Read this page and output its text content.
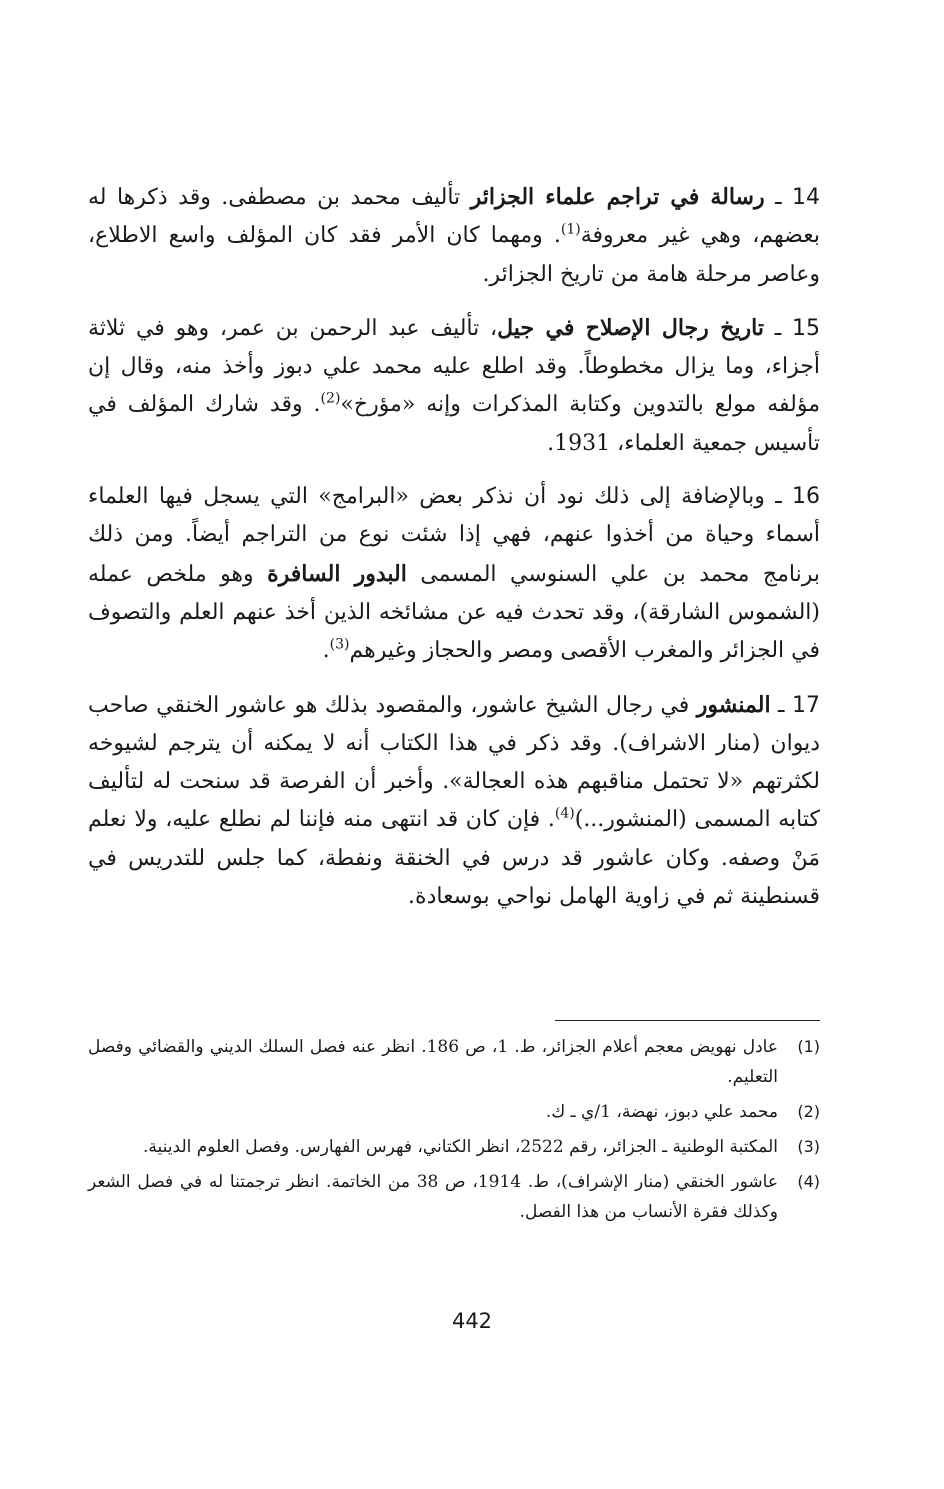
14 ـ رسالة في تراجم علماء الجزائر تأليف محمد بن مصطفى. وقد ذكرها له بعضهم، وهي غير معروفة$^{(1)}$. ومهما كان الأمر فقد كان المؤلف واسع الاطلاع، وعاصر مرحلة هامة من تاريخ الجزائر.

15 ـ تاريخ رجال الإصلاح في جيل، تأليف عبد الرحمن بن عمر، وهو في ثلاثة أجزاء، وما يزال مخطوطاً. وقد اطلع عليه محمد علي دبوز وأخذ منه، وقال إن مؤلفه مولع بالتدوين وكتابة المذكرات وإنه «مؤرخ»$^{(2)}$. وقد شارك المؤلف في تأسيس جمعية العلماء، 1931.

16 ـ وبالإضافة إلى ذلك نود أن نذكر بعض «البرامج» التي يسجل فيها العلماء أسماء وحياة من أخذوا عنهم، فهي إذا شئت نوع من التراجم أيضاً. ومن ذلك برنامج محمد بن علي السنوسي المسمى البدور السافرة وهو ملخص عمله (الشموس الشارقة)، وقد تحدث فيه عن مشائخه الذين أخذ عنهم العلم والتصوف في الجزائر والمغرب الأقصى ومصر والحجاز وغيرهم$^{(3)}$.

17 ـ المنشور في رجال الشيخ عاشور، والمقصود بذلك هو عاشور الخنقي صاحب ديوان (منار الاشراف). وقد ذكر في هذا الكتاب أنه لا يمكنه أن يترجم لشيوخه لكثرتهم «لا تحتمل مناقبهم هذه العجالة». وأخبر أن الفرصة قد سنحت له لتأليف كتابه المسمى (المنشور...)$^{(4)}$. فإن كان قد انتهى منه فإننا لم نطلع عليه، ولا نعلم مَنْ وصفه. وكان عاشور قد درس في الخنقة ونفطة، كما جلس للتدريس في قسنطينة ثم في زاوية الهامل نواحي بوسعادة.

(1)
عادل نهويض معجم أعلام الجزائر، ط. 1، ص 186. انظر عنه فصل السلك الديني والقضائي وفصل التعليم.
(2)
محمد علي دبوز، نهضة، 1/ي ـ ك.
(3)
المكتبة الوطنية ـ الجزائر، رقم 2522، انظر الكتاني، فهرس الفهارس. وفصل العلوم الدينية.
(4)
عاشور الخنقي (منار الإشراف)، ط. 1914، ص 38 من الخاتمة. انظر ترجمتنا له في فصل الشعر وكذلك فقرة الأنساب من هذا الفصل.
442
